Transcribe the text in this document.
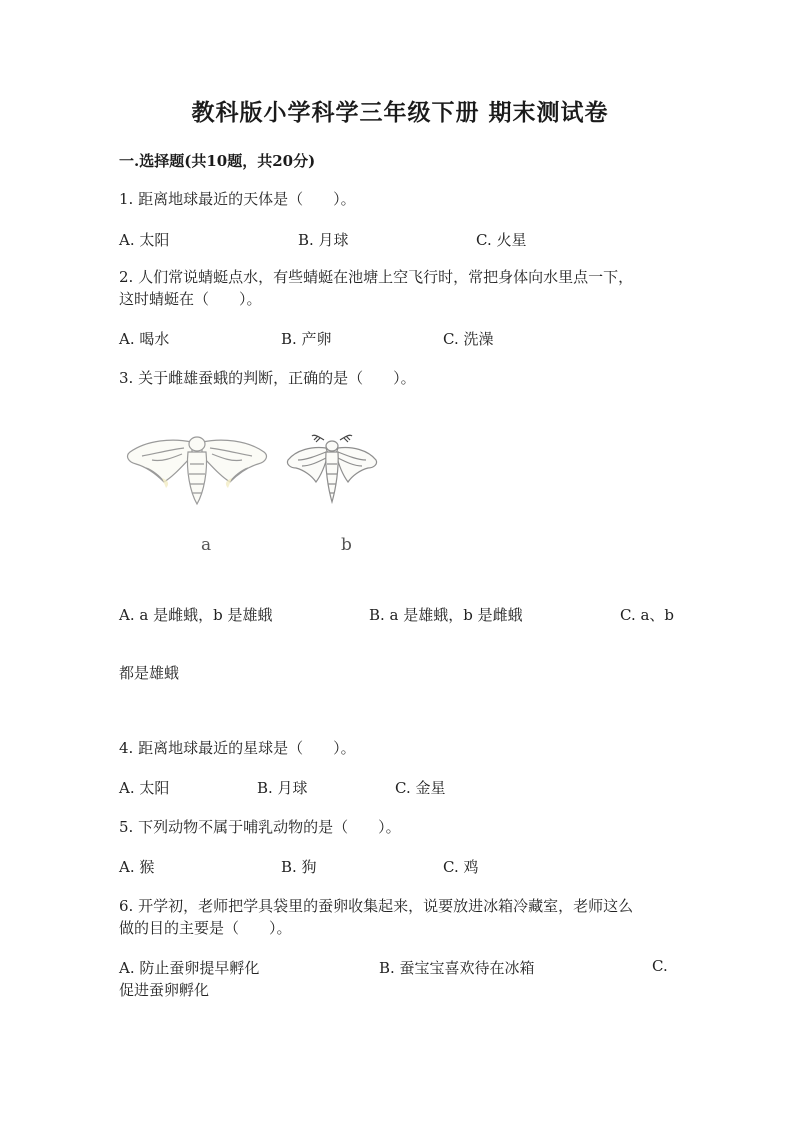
教科版小学科学三年级下册 期末测试卷
一.选择题(共10题，共20分)
1. 距离地球最近的天体是（　　）。
A. 太阳	B. 月球	C. 火星
2. 人们常说蜻蜓点水，有些蜻蜓在池塘上空飞行时，常把身体向水里点一下，
这时蜻蜓在（　　）。
A. 喝水	B. 产卵	C. 洗澡
3. 关于雌雄蚕蛾的判断，正确的是（　　）。
a	b
A. a 是雌蛾，b 是雄蛾	B. a 是雄蛾，b 是雌蛾	C. a、b
都是雄蛾
4. 距离地球最近的星球是（　　）。
A. 太阳	B. 月球	C. 金星
5. 下列动物不属于哺乳动物的是（　　）。
A. 猴	B. 狗	C. 鸡
6. 开学初，老师把学具袋里的蚕卵收集起来，说要放进冰箱冷藏室，老师这么
做的目的主要是（　　）。
A. 防止蚕卵提早孵化	B. 蚕宝宝喜欢待在冰箱	C.
促进蚕卵孵化
